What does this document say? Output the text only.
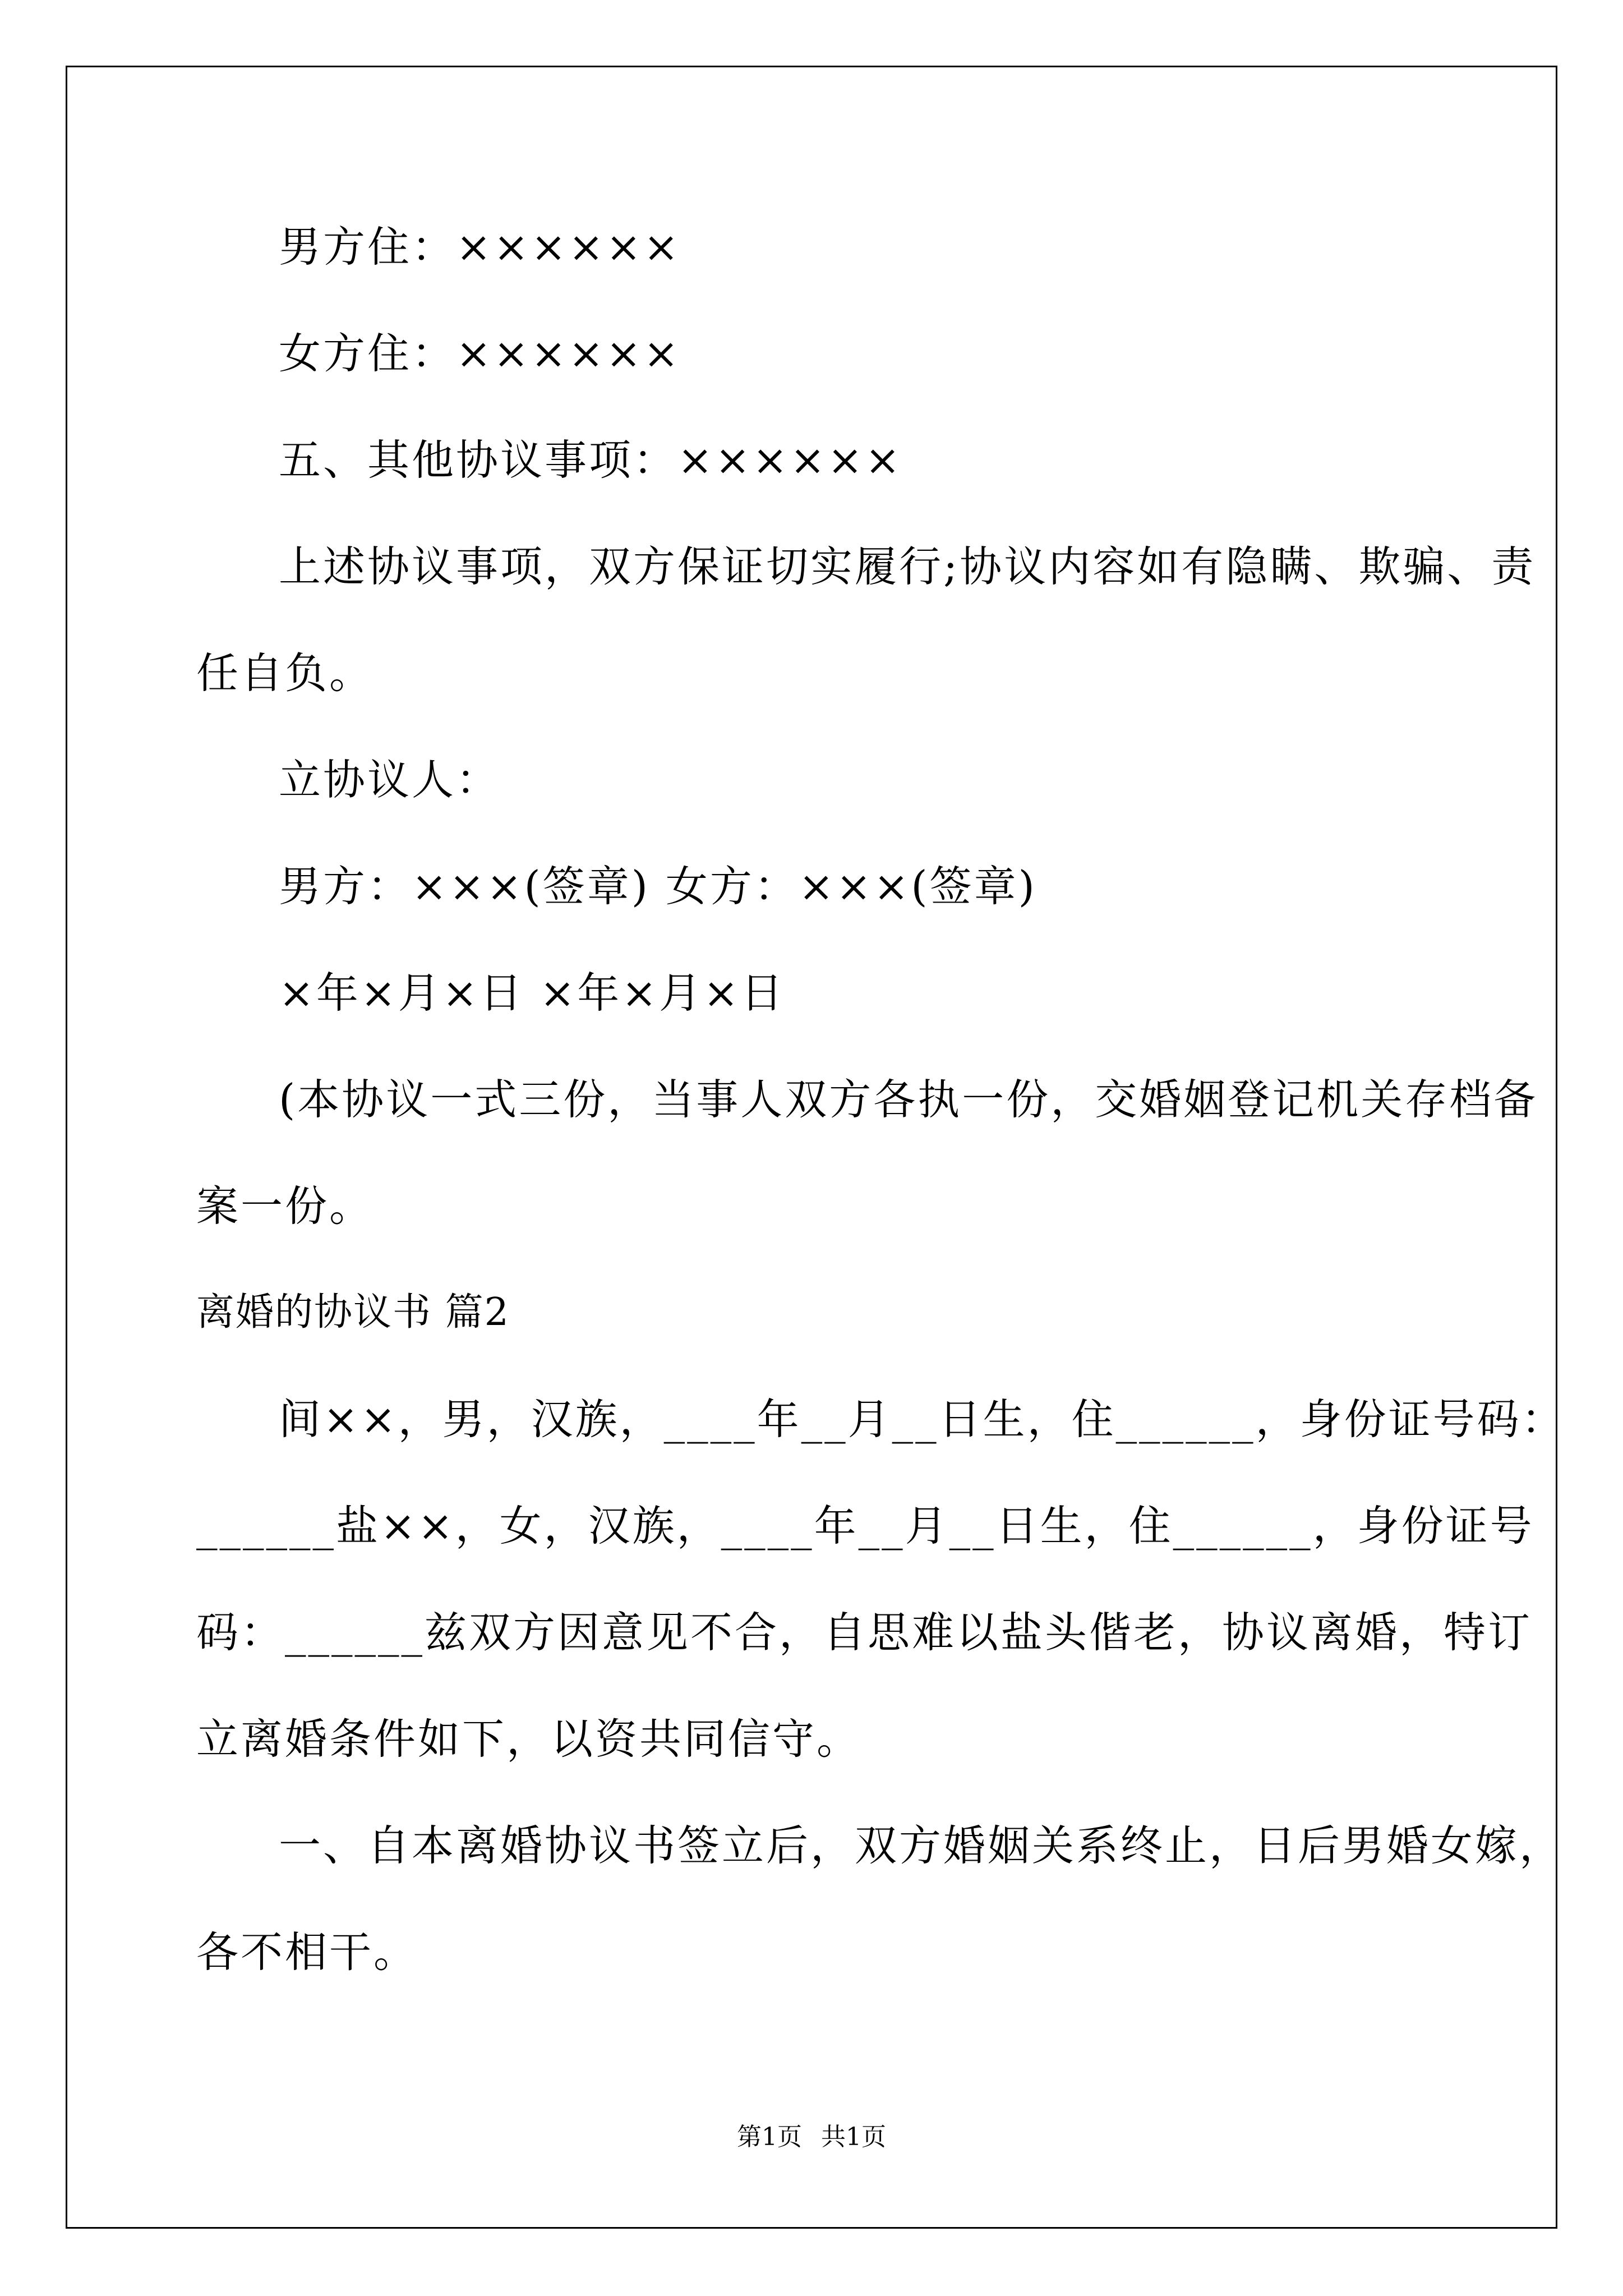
男方住：××××××
女方住：××××××
五、其他协议事项：××××××
上述协议事项，双方保证切实履行;协议内容如有隐瞒、欺骗、责
任自负。
立协议人：
男方：×××(签章) 女方：×××(签章)
×年×月×日 ×年×月×日
(本协议一式三份，当事人双方各执一份，交婚姻登记机关存档备
案一份。
离婚的协议书 篇2
间××，男，汉族，____年__月__日生，住______，身份证号码：
______盐××，女，汉族，____年__月__日生，住______，身份证号
码：______兹双方因意见不合，自思难以盐头偕老，协议离婚，特订
立离婚条件如下，以资共同信守。
一、自本离婚协议书签立后，双方婚姻关系终止，日后男婚女嫁，
各不相干。
第1页 共1页
